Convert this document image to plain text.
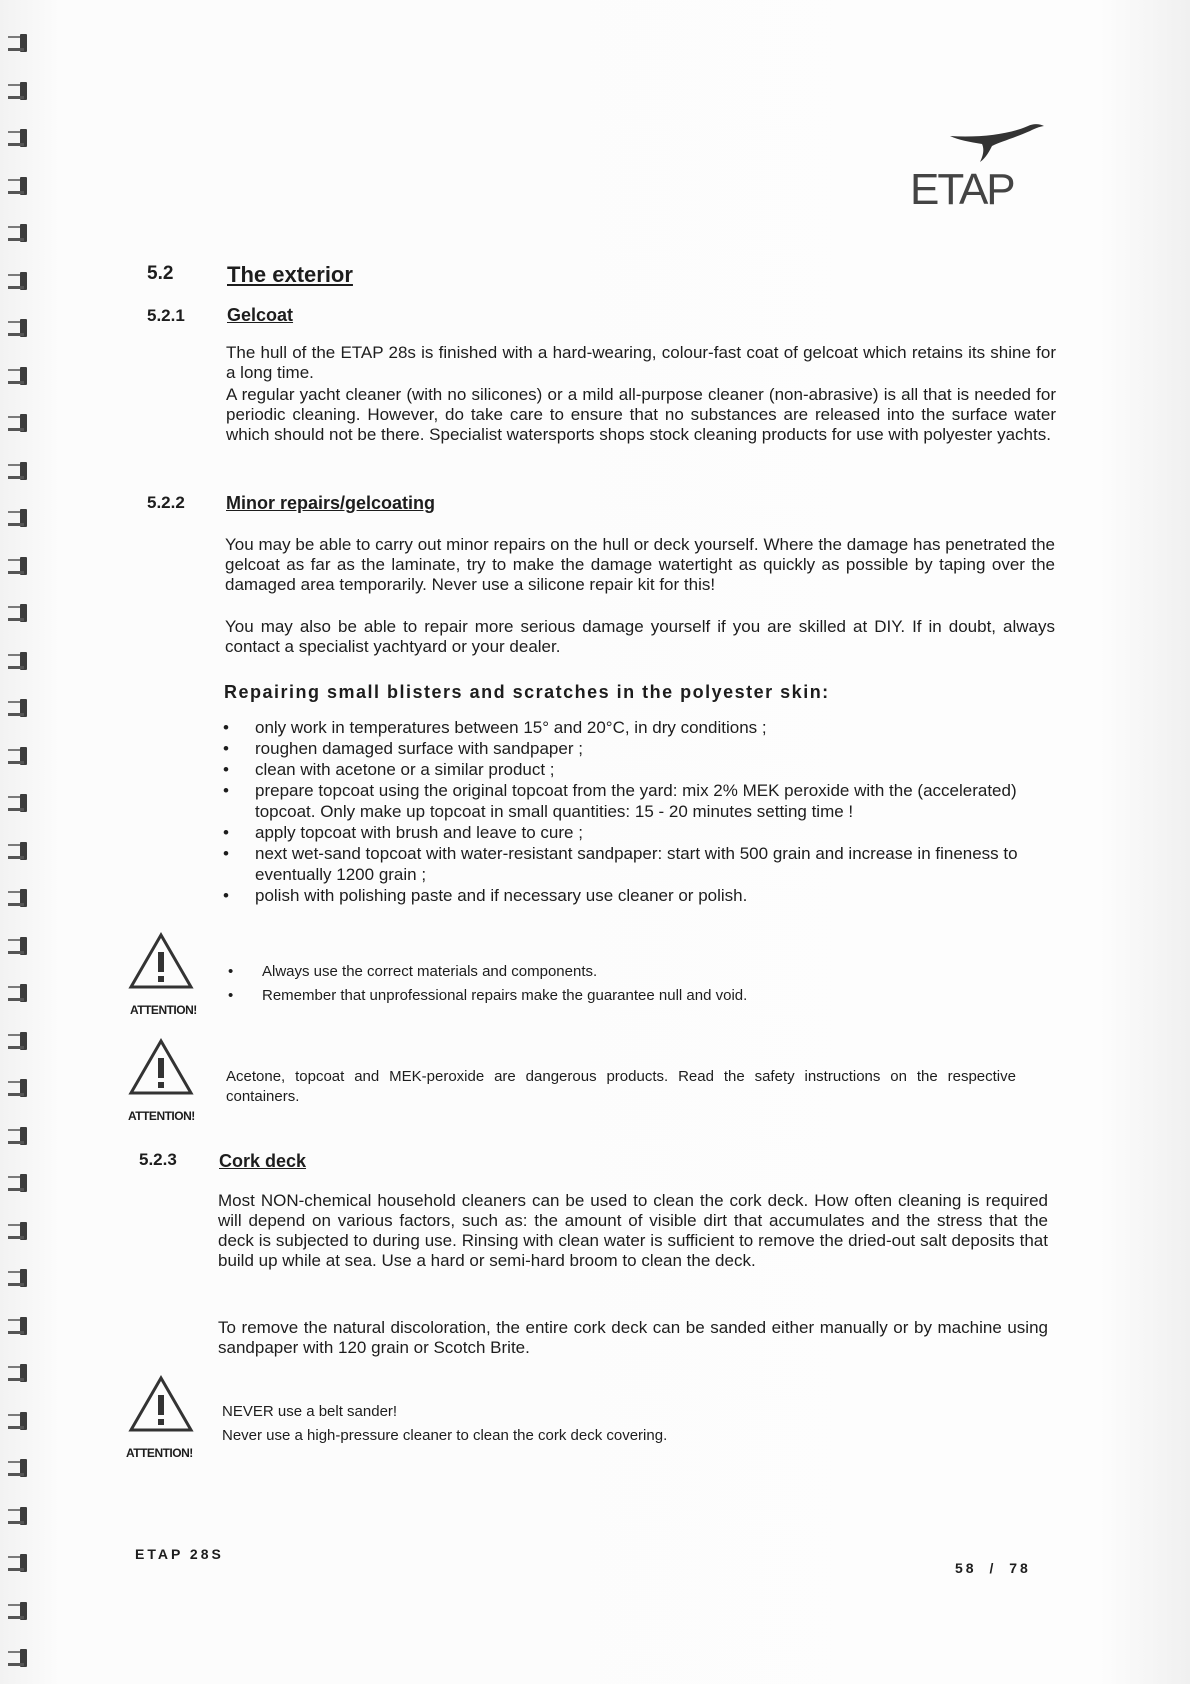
ETAP
5.2 The exterior
5.2.1 Gelcoat
The hull of the ETAP 28s is finished with a hard-wearing, colour-fast coat of gelcoat which retains its shine for a long time.
A regular yacht cleaner (with no silicones) or a mild all-purpose cleaner (non-abrasive) is all that is needed for periodic cleaning. However, do take care to ensure that no substances are released into the surface water which should not be there. Specialist watersports shops stock cleaning products for use with polyester yachts.
5.2.2 Minor repairs/gelcoating
You may be able to carry out minor repairs on the hull or deck yourself. Where the damage has penetrated the gelcoat as far as the laminate, try to make the damage watertight as quickly as possible by taping over the damaged area temporarily. Never use a silicone repair kit for this!
You may also be able to repair more serious damage yourself if you are skilled at DIY. If in doubt, always contact a specialist yachtyard or your dealer.
Repairing small blisters and scratches in the polyester skin:
• only work in temperatures between 15° and 20°C, in dry conditions ;
• roughen damaged surface with sandpaper ;
• clean with acetone or a similar product ;
• prepare topcoat using the original topcoat from the yard: mix 2% MEK peroxide with the (accelerated) topcoat. Only make up topcoat in small quantities: 15 - 20 minutes setting time !
• apply topcoat with brush and leave to cure ;
• next wet-sand topcoat with water-resistant sandpaper: start with 500 grain and increase in fineness to eventually 1200 grain ;
• polish with polishing paste and if necessary use cleaner or polish.
ATTENTION!
• Always use the correct materials and components.
• Remember that unprofessional repairs make the guarantee null and void.
ATTENTION!
Acetone, topcoat and MEK-peroxide are dangerous products. Read the safety instructions on the respective containers.
5.2.3 Cork deck
Most NON-chemical household cleaners can be used to clean the cork deck. How often cleaning is required will depend on various factors, such as: the amount of visible dirt that accumulates and the stress that the deck is subjected to during use. Rinsing with clean water is sufficient to remove the dried-out salt deposits that build up while at sea. Use a hard or semi-hard broom to clean the deck.
To remove the natural discoloration, the entire cork deck can be sanded either manually or by machine using sandpaper with 120 grain or Scotch Brite.
ATTENTION!
NEVER use a belt sander!
Never use a high-pressure cleaner to clean the cork deck covering.
ETAP 28S
58 / 78
